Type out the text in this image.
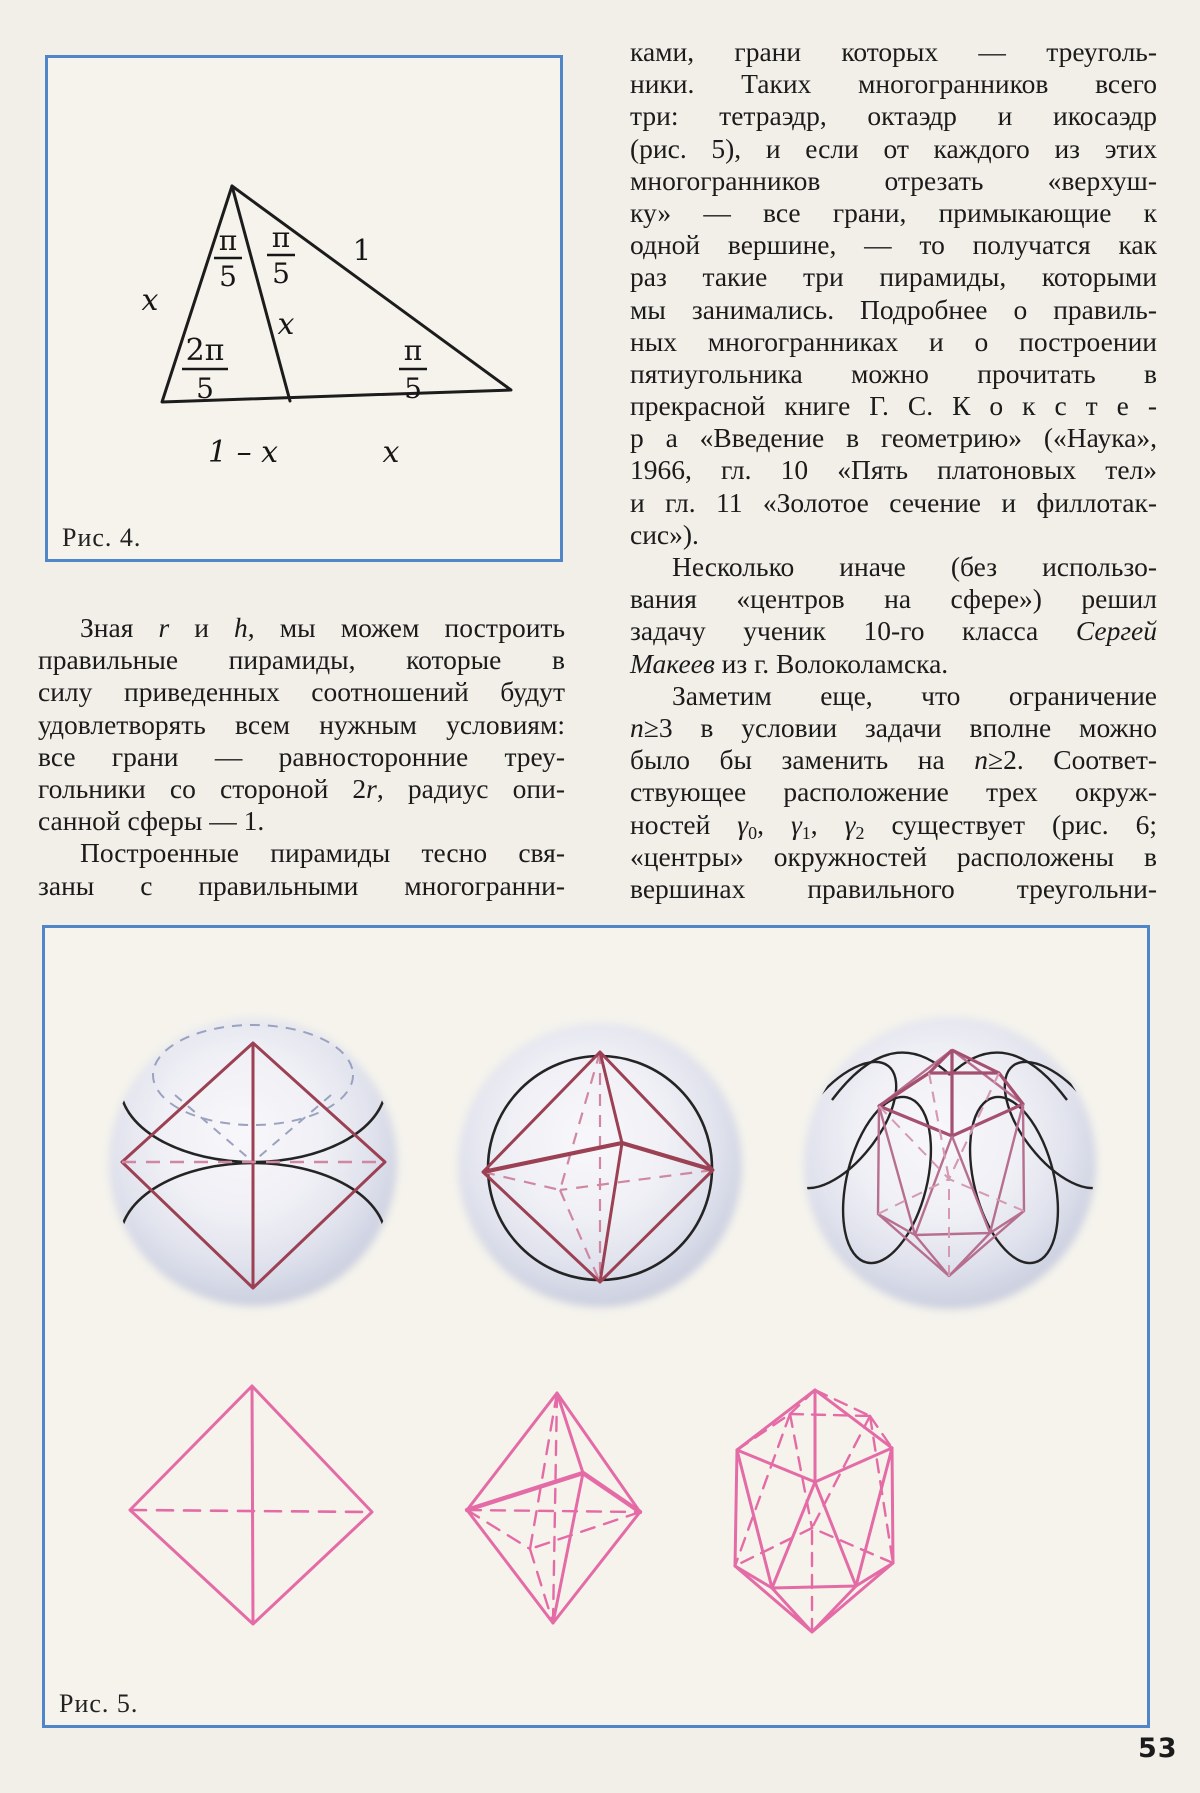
x
π
5
π
5
1
x
2π
5
π
5
1 – x	x
Рис. 4.
Зная r и h, мы можем построить
правильные пирамиды, которые в
силу приведенных соотношений будут
удовлетворять всем нужным условиям:
все грани — равносторонние треу-
гольники со стороной 2r, радиус опи-
санной сферы — 1.
Построенные пирамиды тесно свя-
заны с правильными многогранни-
ками, грани которых — треуголь-
ники. Таких многогранников всего
три: тетраэдр, октаэдр и икосаэдр
(рис. 5), и если от каждого из этих
многогранников отрезать «верхуш-
ку» — все грани, примыкающие к
одной вершине, — то получатся как
раз такие три пирамиды, которыми
мы занимались. Подробнее о правиль-
ных многогранниках и о построении
пятиугольника можно прочитать в
прекрасной книге Г. С. К о к с т е -
р а «Введение в геометрию» («Наука»,
1966, гл. 10 «Пять платоновых тел»
и гл. 11 «Золотое сечение и филлотак-
сис»).
Несколько иначе (без использо-
вания «центров на сфере») решил
задачу ученик 10-го класса Сергей
Макеев из г. Волоколамска.
Заметим еще, что ограничение
n≥3 в условии задачи вполне можно
было бы заменить на n≥2. Соответ-
ствующее расположение трех окруж-
ностей $\gamma_0$, $\gamma_1$, $\gamma_2$ существует (рис. 6;
«центры» окружностей расположены в
вершинах правильного треугольни-
Рис. 5.
53
